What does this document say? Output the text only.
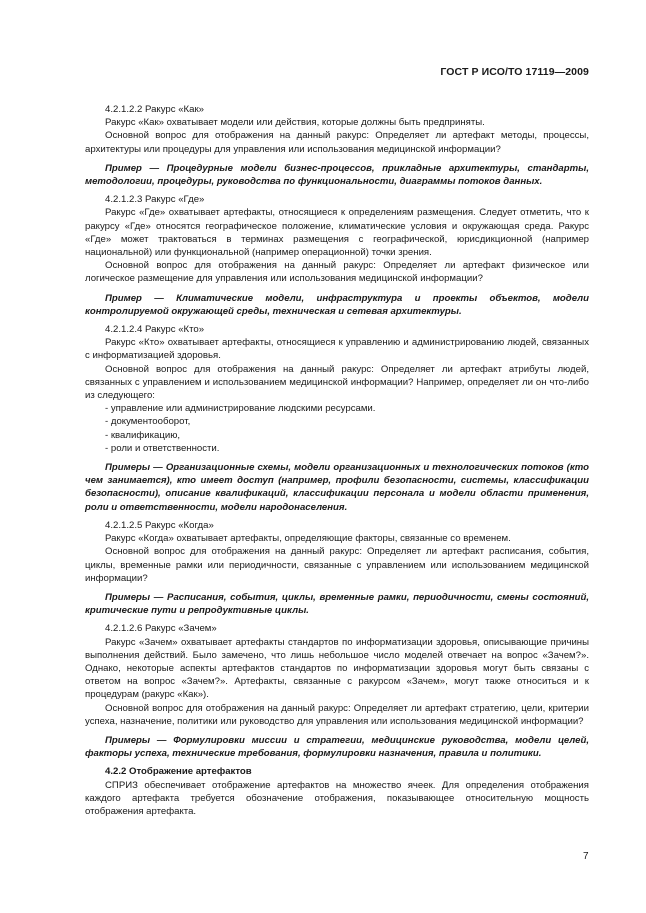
ГОСТ Р ИСО/ТО 17119—2009

4.2.1.2.2 Ракурс «Как»

Ракурс «Как» охватывает модели или действия, которые должны быть предприняты.

Основной вопрос для отображения на данный ракурс: Определяет ли артефакт методы, процессы, архитектуры или процедуры для управления или использования медицинской информации?

Пример — Процедурные модели бизнес-процессов, прикладные архитектуры, стандарты, методологии, процедуры, руководства по функциональности, диаграммы потоков данных.

4.2.1.2.3 Ракурс «Где»

Ракурс «Где» охватывает артефакты, относящиеся к определениям размещения. Следует отметить, что к ракурсу «Где» относятся географическое положение, климатические условия и окружающая среда. Ракурс «Где» может трактоваться в терминах размещения с географической, юрисдикционной (например национальной) или функциональной (например операционной) точки зрения.

Основной вопрос для отображения на данный ракурс: Определяет ли артефакт физическое или логическое размещение для управления или использования медицинской информации?

Пример — Климатические модели, инфраструктура и проекты объектов, модели контролируемой окружающей среды, техническая и сетевая архитектуры.

4.2.1.2.4 Ракурс «Кто»

Ракурс «Кто» охватывает артефакты, относящиеся к управлению и администрированию людей, связанных с информатизацией здоровья.

Основной вопрос для отображения на данный ракурс: Определяет ли артефакт атрибуты людей, связанных с управлением и использованием медицинской информации? Например, определяет ли он что-либо из следующего:

- управление или администрирование людскими ресурсами.

- документооборот,

- квалификацию,

- роли и ответственности.

Примеры — Организационные схемы, модели организационных и технологических потоков (кто чем занимается), кто имеет доступ (например, профили безопасности, системы, классификации безопасности), описание квалификаций, классификации персонала и модели области применения, роли и ответственности, модели народонаселения.

4.2.1.2.5 Ракурс «Когда»

Ракурс «Когда» охватывает артефакты, определяющие факторы, связанные со временем.

Основной вопрос для отображения на данный ракурс: Определяет ли артефакт расписания, события, циклы, временные рамки или периодичности, связанные с управлением или использованием медицинской информации?

Примеры — Расписания, события, циклы, временные рамки, периодичности, смены состояний, критические пути и репродуктивные циклы.

4.2.1.2.6 Ракурс «Зачем»

Ракурс «Зачем» охватывает артефакты стандартов по информатизации здоровья, описывающие причины выполнения действий. Было замечено, что лишь небольшое число моделей отвечает на вопрос «Зачем?». Однако, некоторые аспекты артефактов стандартов по информатизации здоровья могут быть связаны с ответом на вопрос «Зачем?». Артефакты, связанные с ракурсом «Зачем», могут также относиться и к процедурам (ракурс «Как»).

Основной вопрос для отображения на данный ракурс: Определяет ли артефакт стратегию, цели, критерии успеха, назначение, политики или руководство для управления или использования медицинской информации?

Примеры — Формулировки миссии и стратегии, медицинские руководства, модели целей, факторы успеха, технические требования, формулировки назначения, правила и политики.

4.2.2 Отображение артефактов

СПРИЗ обеспечивает отображение артефактов на множество ячеек. Для определения отображения каждого артефакта требуется обозначение отображения, показывающее относительную мощность отображения артефакта.

7
